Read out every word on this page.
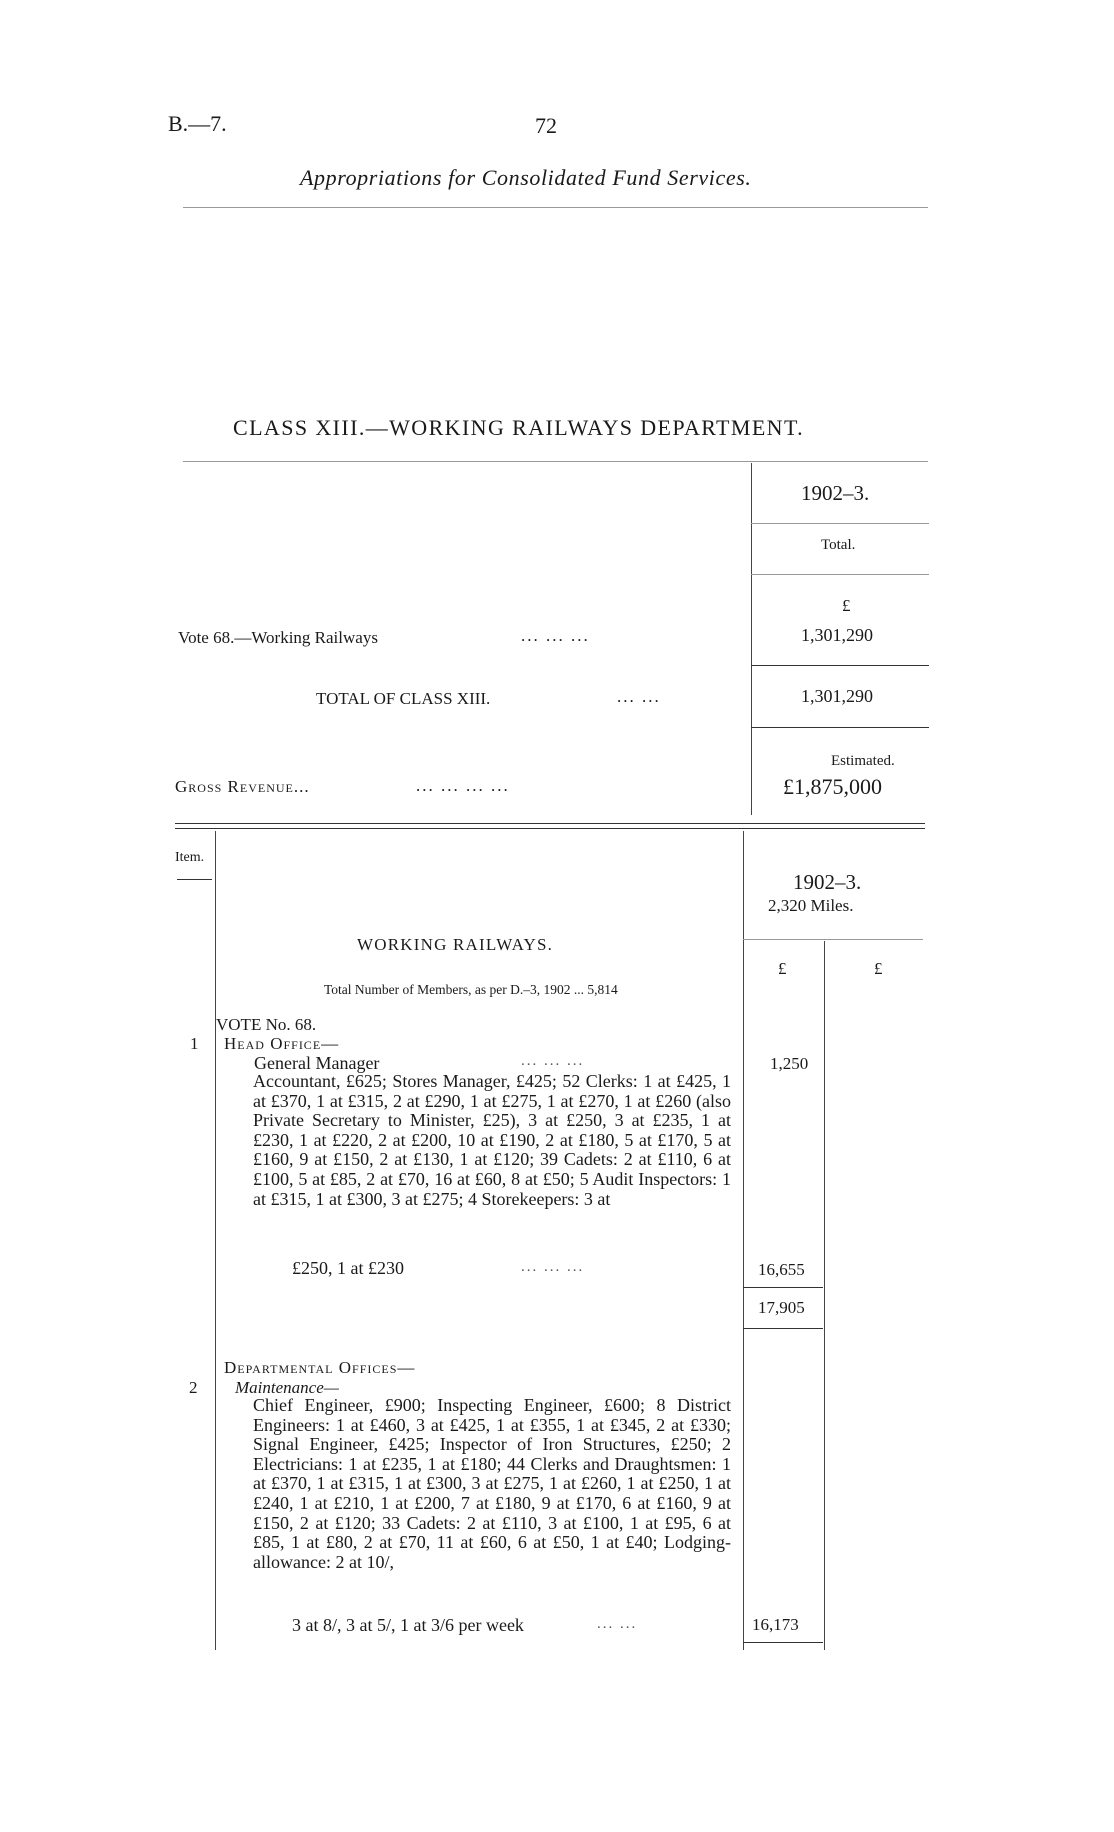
B.—7.	72
Appropriations for Consolidated Fund Services.
CLASS XIII.—WORKING RAILWAYS DEPARTMENT.
1902–3.
Total.
£
Vote 68.—Working Railways	... ... ...	1,301,290
TOTAL OF CLASS XIII.	... ...	1,301,290
Estimated.
Gross Revenue...	... ... ... ...	£1,875,000
Item.
1902–3.
2,320 Miles.
£	£
WORKING RAILWAYS.
Total Number of Members, as per D.–3, 1902 ... 5,814
VOTE No. 68.
1 Head Office—
General Manager	... ... ...	1,250
Accountant, £625; Stores Manager, £425; 52 Clerks: 1 at £425, 1 at £370, 1 at £315, 2 at £290, 1 at £275, 1 at £270, 1 at £260 (also Private Secretary to Minister, £25), 3 at £250, 3 at £235, 1 at £230, 1 at £220, 2 at £200, 10 at £190, 2 at £180, 5 at £170, 5 at £160, 9 at £150, 2 at £130, 1 at £120; 39 Cadets: 2 at £110, 6 at £100, 5 at £85, 2 at £70, 16 at £60, 8 at £50; 5 Audit Inspectors: 1 at £315, 1 at £300, 3 at £275; 4 Storekeepers: 3 at
£250, 1 at £230	... ... ...	16,655
17,905
Departmental Offices—
2 Maintenance—
Chief Engineer, £900; Inspecting Engineer, £600; 8 District Engineers: 1 at £460, 3 at £425, 1 at £355, 1 at £345, 2 at £330; Signal Engineer, £425; Inspector of Iron Structures, £250; 2 Electricians: 1 at £235, 1 at £180; 44 Clerks and Draughtsmen: 1 at £370, 1 at £315, 1 at £300, 3 at £275, 1 at £260, 1 at £250, 1 at £240, 1 at £210, 1 at £200, 7 at £180, 9 at £170, 6 at £160, 9 at £150, 2 at £120; 33 Cadets: 2 at £110, 3 at £100, 1 at £95, 6 at £85, 1 at £80, 2 at £70, 11 at £60, 6 at £50, 1 at £40; Lodging-allowance: 2 at 10/,
3 at 8/, 3 at 5/, 1 at 3/6 per week	... ...	16,173
